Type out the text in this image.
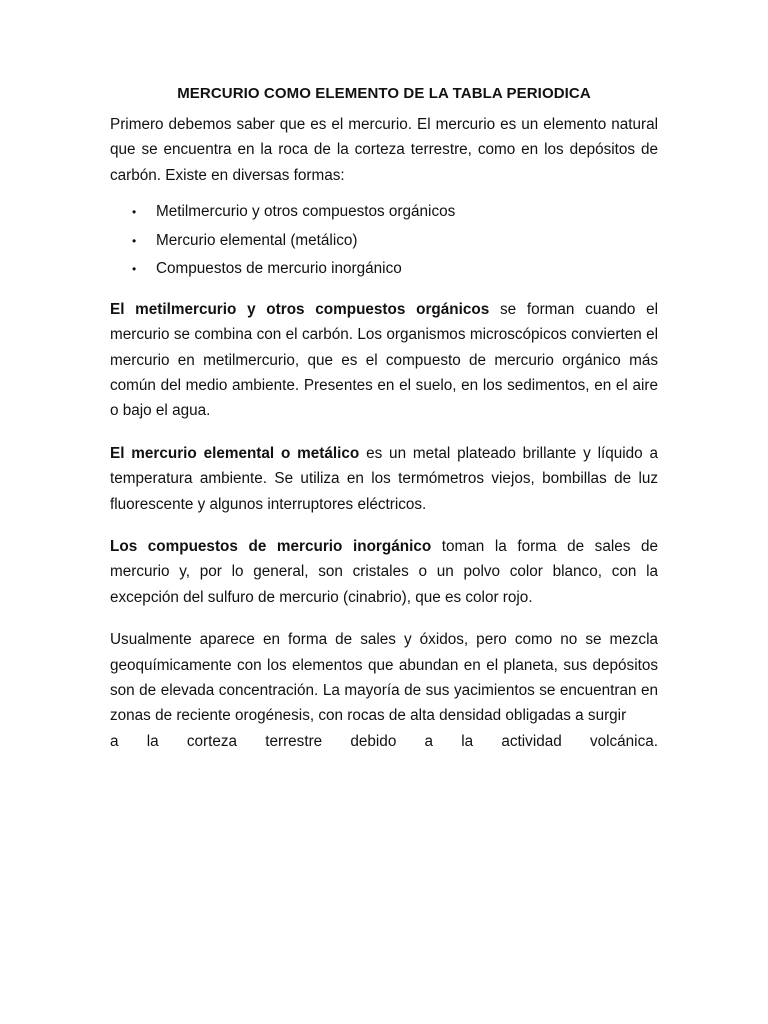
MERCURIO COMO ELEMENTO DE LA TABLA PERIODICA

Primero debemos saber que es el mercurio. El mercurio es un elemento natural que se encuentra en la roca de la corteza terrestre, como en los depósitos de carbón. Existe en diversas formas:

• Metilmercurio y otros compuestos orgánicos
• Mercurio elemental (metálico)
• Compuestos de mercurio inorgánico

El metilmercurio y otros compuestos orgánicos se forman cuando el mercurio se combina con el carbón. Los organismos microscópicos convierten el mercurio en metilmercurio, que es el compuesto de mercurio orgánico más común del medio ambiente. Presentes en el suelo, en los sedimentos, en el aire o bajo el agua.

El mercurio elemental o metálico es un metal plateado brillante y líquido a temperatura ambiente. Se utiliza en los termómetros viejos, bombillas de luz fluorescente y algunos interruptores eléctricos.

Los compuestos de mercurio inorgánico toman la forma de sales de mercurio y, por lo general, son cristales o un polvo color blanco, con la excepción del sulfuro de mercurio (cinabrio), que es color rojo.

Usualmente aparece en forma de sales y óxidos, pero como no se mezcla geoquímicamente con los elementos que abundan en el planeta, sus depósitos son de elevada concentración. La mayoría de sus yacimientos se encuentran en zonas de reciente orogénesis, con rocas de alta densidad obligadas a surgir
a la corteza terrestre debido a la actividad volcánica.
